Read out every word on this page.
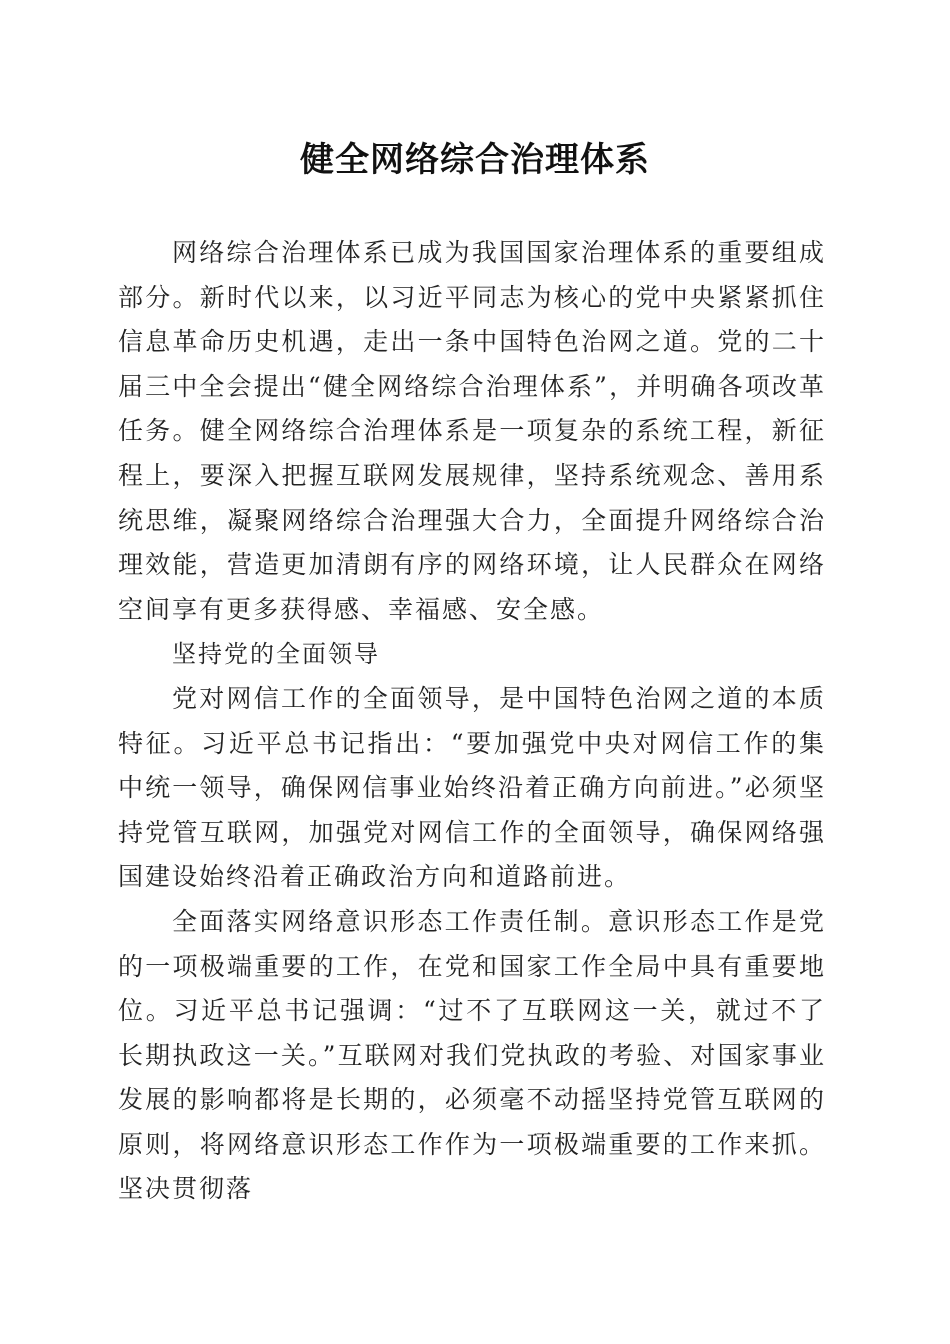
健全网络综合治理体系

网络综合治理体系已成为我国国家治理体系的重要组成部分。新时代以来，以习近平同志为核心的党中央紧紧抓住信息革命历史机遇，走出一条中国特色治网之道。党的二十届三中全会提出“健全网络综合治理体系”，并明确各项改革任务。健全网络综合治理体系是一项复杂的系统工程，新征程上，要深入把握互联网发展规律，坚持系统观念、善用系统思维，凝聚网络综合治理强大合力，全面提升网络综合治理效能，营造更加清朗有序的网络环境，让人民群众在网络空间享有更多获得感、幸福感、安全感。

坚持党的全面领导

党对网信工作的全面领导，是中国特色治网之道的本质特征。习近平总书记指出：“要加强党中央对网信工作的集中统一领导，确保网信事业始终沿着正确方向前进。”必须坚持党管互联网，加强党对网信工作的全面领导，确保网络强国建设始终沿着正确政治方向和道路前进。

全面落实网络意识形态工作责任制。意识形态工作是党的一项极端重要的工作，在党和国家工作全局中具有重要地位。习近平总书记强调：“过不了互联网这一关，就过不了长期执政这一关。”互联网对我们党执政的考验、对国家事业发展的影响都将是长期的，必须毫不动摇坚持党管互联网的原则，将网络意识形态工作作为一项极端重要的工作来抓。坚决贯彻落
